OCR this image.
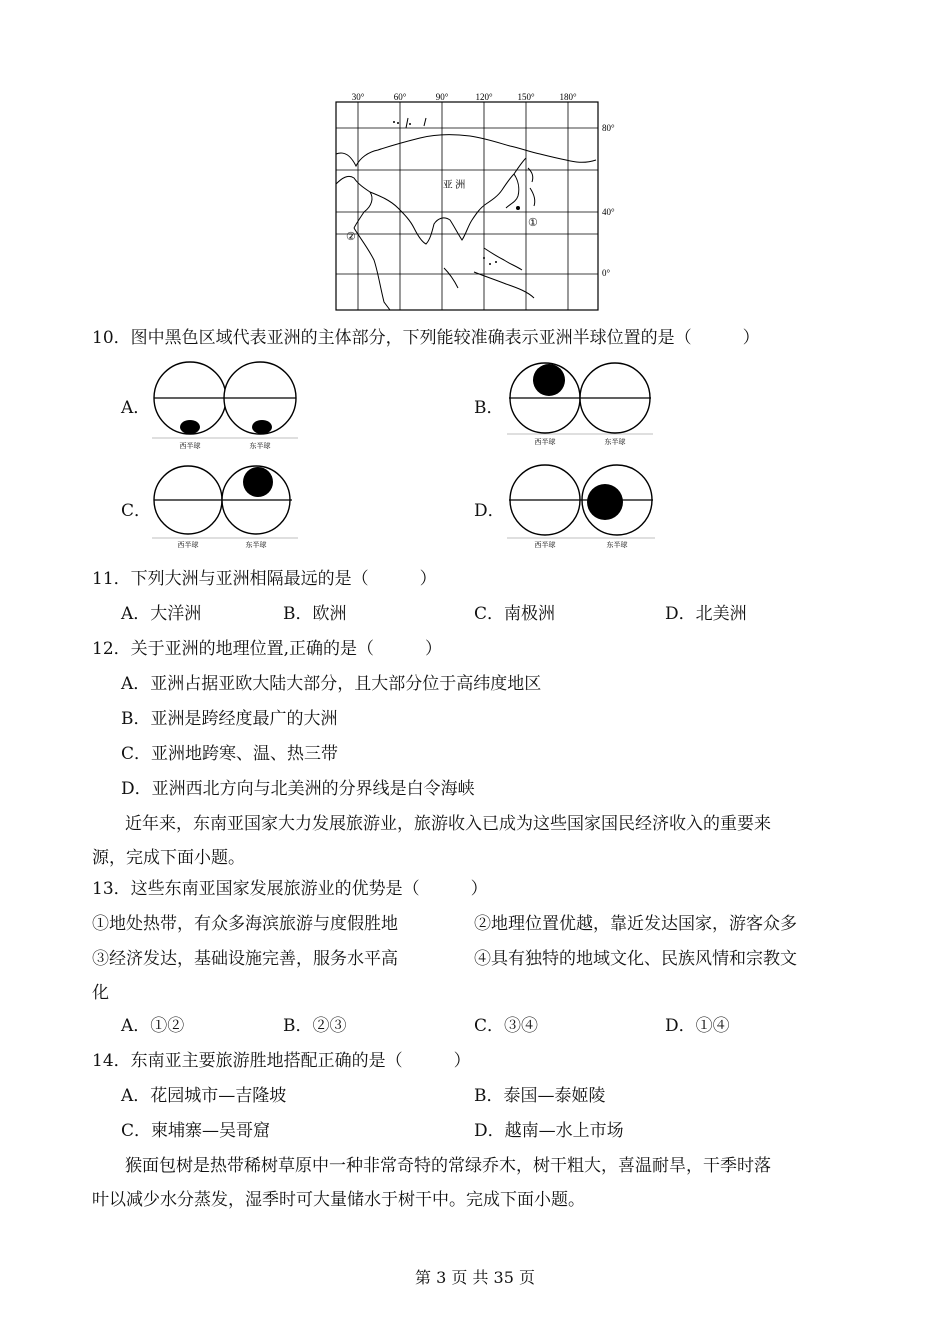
30°	60°	90°	120°	150°	180°
80°
40°
0°
亚 洲
①
②
10．图中黑色区域代表亚洲的主体部分，下列能较准确表示亚洲半球位置的是（　　　）
A．
西半球	东半球
B．
西半球	东半球
C．
西半球	东半球
D．
西半球	东半球
11．下列大洲与亚洲相隔最远的是（　　　）
A．大洋洲	B．欧洲	C．南极洲	D．北美洲
12．关于亚洲的地理位置,正确的是（　　　）
A．亚洲占据亚欧大陆大部分，且大部分位于高纬度地区
B．亚洲是跨经度最广的大洲
C．亚洲地跨寒、温、热三带
D．亚洲西北方向与北美洲的分界线是白令海峡
近年来，东南亚国家大力发展旅游业，旅游收入已成为这些国家国民经济收入的重要来
源，完成下面小题。
13．这些东南亚国家发展旅游业的优势是（　　　）
①地处热带，有众多海滨旅游与度假胜地	②地理位置优越，靠近发达国家，游客众多
③经济发达，基础设施完善，服务水平高	④具有独特的地域文化、民族风情和宗教文
化
A．①②	B．②③	C．③④	D．①④
14．东南亚主要旅游胜地搭配正确的是（　　　）
A．花园城市—吉隆坡	B．泰国—泰姬陵
C．柬埔寨—吴哥窟	D．越南—水上市场
猴面包树是热带稀树草原中一种非常奇特的常绿乔木，树干粗大，喜温耐旱，干季时落
叶以减少水分蒸发，湿季时可大量储水于树干中。完成下面小题。
第 3 页 共 35 页
